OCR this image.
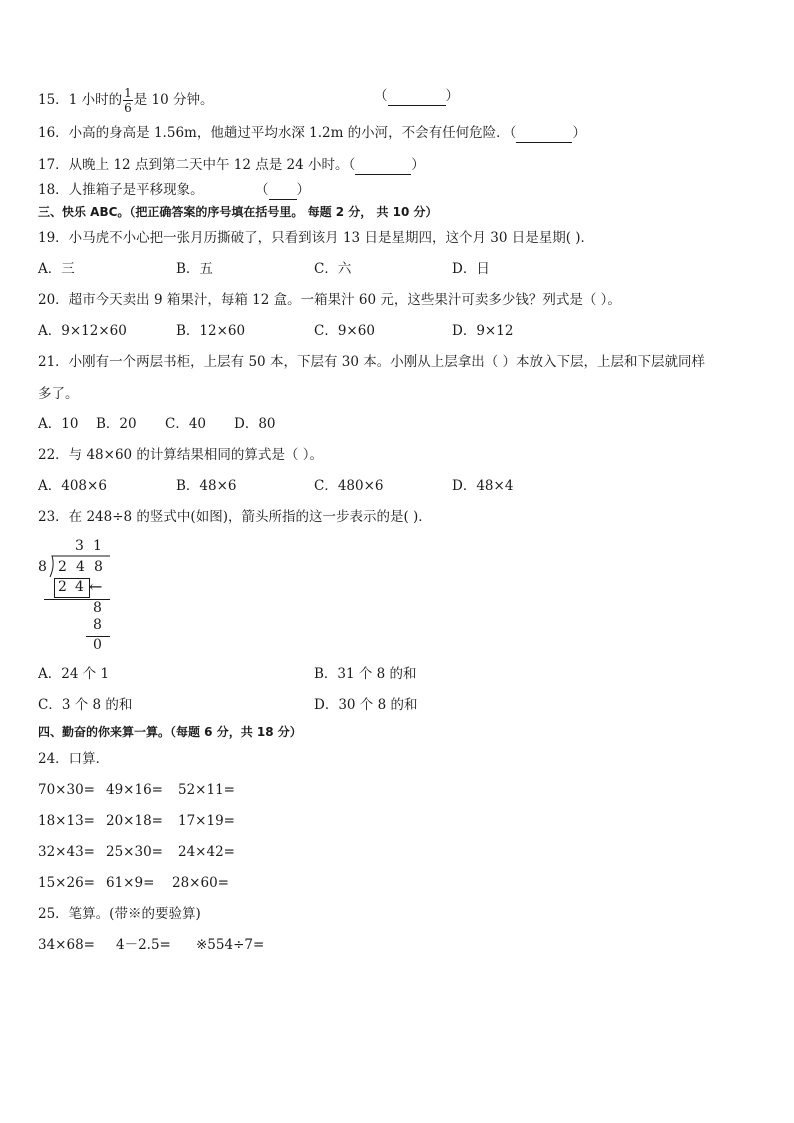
15．1 小时的 $\frac{1}{6}$ 是 10 分钟。	（	）
16．小高的身高是 1.56m，他趟过平均水深 1.2m 的小河，不会有任何危险．（	）
17．从晚上 12 点到第二天中午 12 点是 24 小时。（	）
18．人推箱子是平移现象。	（ ）
三、快乐 ABC。（把正确答案的序号填在括号里。 每题 2 分， 共 10 分）
19．小马虎不小心把一张月历撕破了，只看到该月 13 日是星期四，这个月 30 日是星期( )．
A．三	B．五	C．六	D．日
20．超市今天卖出 9 箱果汁，每箱 12 盒。一箱果汁 60 元，这些果汁可卖多少钱？列式是（ ）。
A．9×12×60	B．12×60	C．9×60	D．9×12
21．小刚有一个两层书柜，上层有 50 本，下层有 30 本。小刚从上层拿出（ ）本放入下层，上层和下层就同样
多了。
A．10 B．20 C．40 D．80
22．与 48×60 的计算结果相同的算式是（ ）。
A．408×6	B．48×6	C．480×6	D．48×4
23．在 248÷8 的竖式中(如图)，箭头所指的这一步表示的是( )．
3 1
8 2 4 8
2 4 ←
8
8
0
A．24 个 1	B．31 个 8 的和
C．3 个 8 的和	D．30 个 8 的和
四、勤奋的你来算一算。（每题 6 分，共 18 分）
24．口算．
70×30= 49×16= 52×11=
18×13= 20×18= 17×19=
32×43= 25×30= 24×42=
15×26= 61×9= 28×60=
25．笔算。(带※的要验算)
34×68= 4－2.5= ※554÷7=
